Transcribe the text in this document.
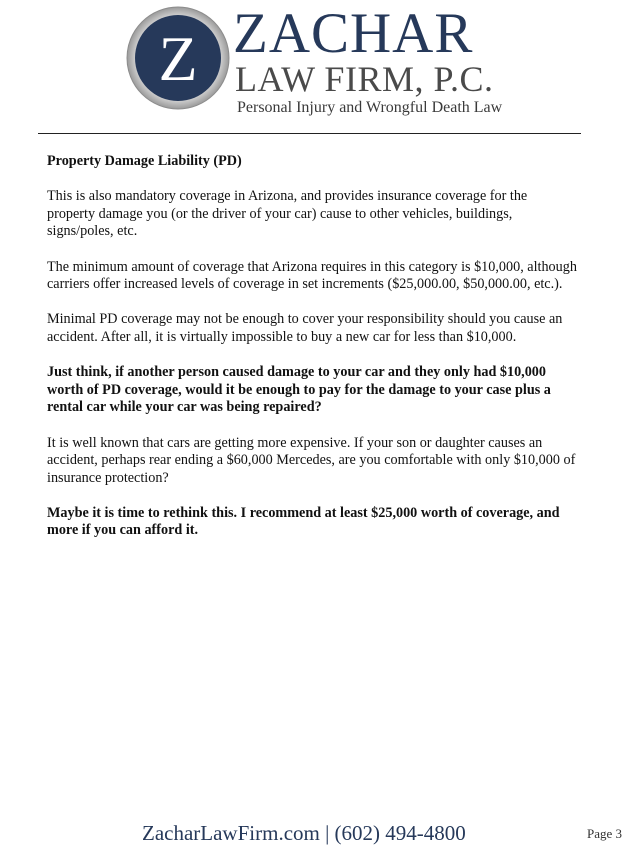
Z ZACHAR
LAW FIRM, P.C.
Personal Injury and Wrongful Death Law

Property Damage Liability (PD)

This is also mandatory coverage in Arizona, and provides insurance coverage for the property damage you (or the driver of your car) cause to other vehicles, buildings, signs/poles, etc.

The minimum amount of coverage that Arizona requires in this category is $10,000, although carriers offer increased levels of coverage in set increments ($25,000.00, $50,000.00, etc.).

Minimal PD coverage may not be enough to cover your responsibility should you cause an accident. After all, it is virtually impossible to buy a new car for less than $10,000.

Just think, if another person caused damage to your car and they only had $10,000 worth of PD coverage, would it be enough to pay for the damage to your case plus a rental car while your car was being repaired?

It is well known that cars are getting more expensive. If your son or daughter causes an accident, perhaps rear ending a $60,000 Mercedes, are you comfortable with only $10,000 of insurance protection?

Maybe it is time to rethink this. I recommend at least $25,000 worth of coverage, and more if you can afford it.

ZacharLawFirm.com | (602) 494-4800	Page 3
